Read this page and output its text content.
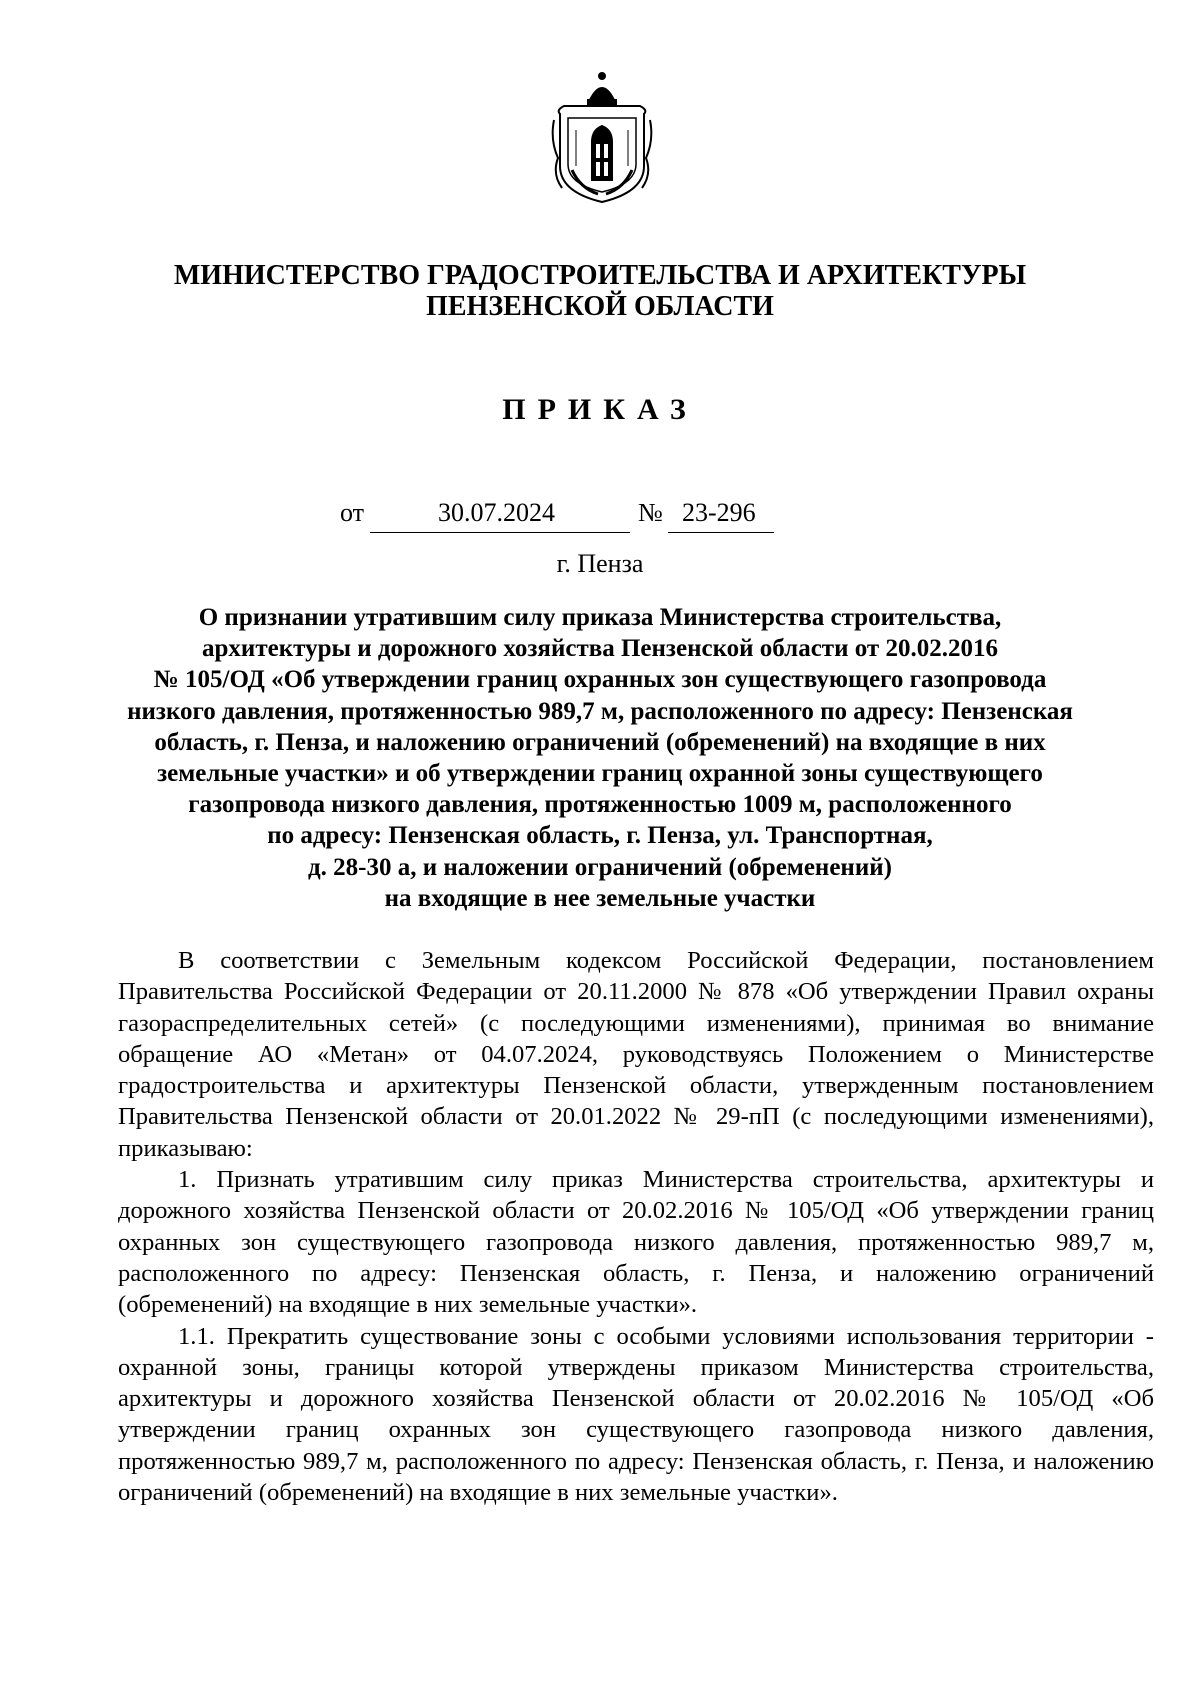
МИНИСТЕРСТВО ГРАДОСТРОИТЕЛЬСТВА И АРХИТЕКТУРЫ
ПЕНЗЕНСКОЙ ОБЛАСТИ
ПРИКАЗ
от	30.07.2024	№ 23-296
г. Пенза
О признании утратившим силу приказа Министерства строительства,
архитектуры и дорожного хозяйства Пензенской области от 20.02.2016
№ 105/ОД «Об утверждении границ охранных зон существующего газопровода
низкого давления, протяженностью 989,7 м, расположенного по адресу: Пензенская
область, г. Пенза, и наложению ограничений (обременений) на входящие в них
земельные участки» и об утверждении границ охранной зоны существующего
газопровода низкого давления, протяженностью 1009 м, расположенного
по адресу: Пензенская область, г. Пенза, ул. Транспортная,
д. 28-30 а, и наложении ограничений (обременений)
на входящие в нее земельные участки

В соответствии с Земельным кодексом Российской Федерации, постановлением Правительства Российской Федерации от 20.11.2000 № 878 «Об утверждении Правил охраны газораспределительных сетей» (с последующими изменениями), принимая во внимание обращение АО «Метан» от 04.07.2024, руководствуясь Положением о Министерстве градостроительства и архитектуры Пензенской области, утвержденным постановлением Правительства Пензенской области от 20.01.2022 № 29-пП (с последующими изменениями), приказываю:

1. Признать утратившим силу приказ Министерства строительства, архитектуры и дорожного хозяйства Пензенской области от 20.02.2016 № 105/ОД «Об утверждении границ охранных зон существующего газопровода низкого давления, протяженностью 989,7 м, расположенного по адресу: Пензенская область, г. Пенза, и наложению ограничений (обременений) на входящие в них земельные участки».

1.1. Прекратить существование зоны с особыми условиями использования территории - охранной зоны, границы которой утверждены приказом Министерства строительства, архитектуры и дорожного хозяйства Пензенской области от 20.02.2016 № 105/ОД «Об утверждении границ охранных зон существующего газопровода низкого давления, протяженностью 989,7 м, расположенного по адресу: Пензенская область, г. Пенза, и наложению ограничений (обременений) на входящие в них земельные участки».
